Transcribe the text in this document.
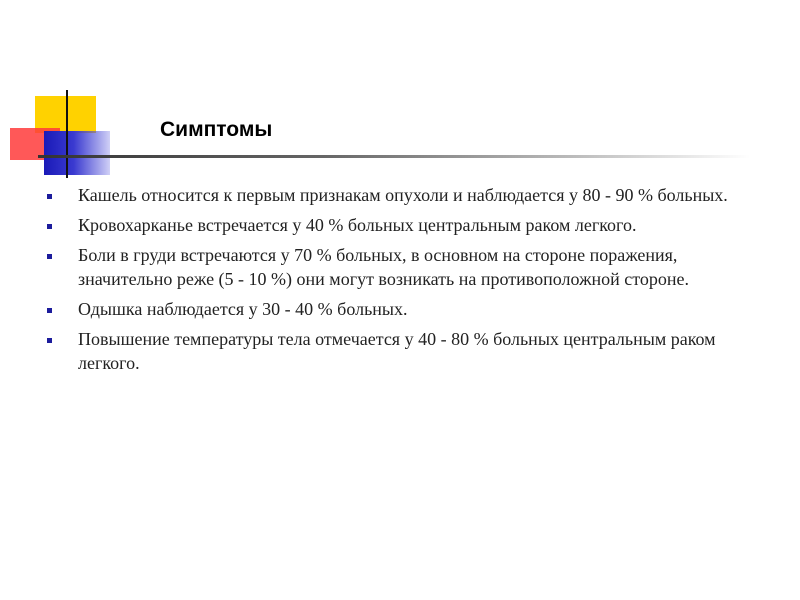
Симптомы
Кашель относится к первым признакам опухоли и наблюдается у 80 - 90 % больных.
Кровохарканье встречается у 40 % больных центральным раком легкого.
Боли в груди встречаются у 70 % больных, в основном на стороне поражения, значительно реже (5 - 10 %) они могут возникать на противоположной стороне.
Одышка наблюдается у 30 - 40 % больных.
Повышение температуры тела отмечается у 40 - 80 % больных центральным раком легкого.
